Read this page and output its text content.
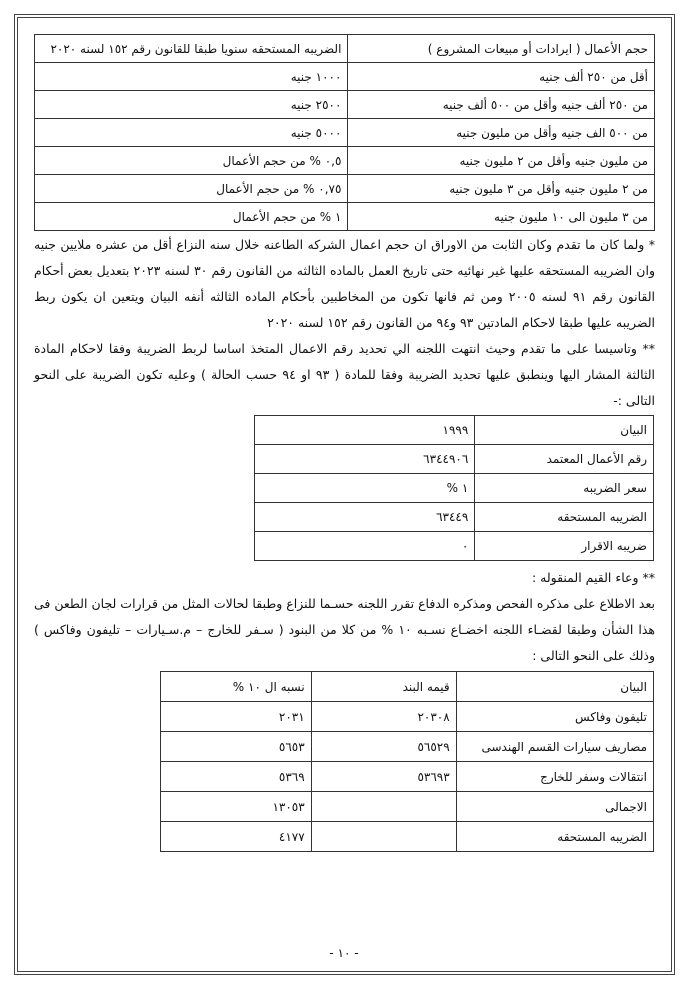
حجم الأعمال ( ايرادات أو مبيعات المشروع )	الضريبه المستحقه سنويا طبقا للقانون رقم ١٥٢ لسنه ٢٠٢٠
أقل من ٢٥٠ ألف جنيه	١٠٠٠ جنيه
من ٢٥٠ ألف جنيه وأقل من ٥٠٠ ألف جنيه	٢٥٠٠ جنيه
من ٥٠٠ الف جنيه وأقل من مليون جنيه	٥٠٠٠ جنيه
من مليون جنيه وأقل من ٢ مليون جنيه	٠,٥ % من حجم الأعمال
من ٢ مليون جنيه وأقل من ٣ مليون جنيه	٠,٧٥ % من حجم الأعمال
من ٣ مليون الى ١٠ مليون جنيه	١ % من حجم الأعمال

* ولما كان ما تقدم وكان الثابت من الاوراق ان حجم اعمال الشركه الطاعنه خلال سنه النزاع أقل من عشره ملايين جنيه وان الضريبه المستحقه عليها غير نهائيه حتى تاريخ العمل بالماده الثالثه من القانون رقم ٣٠ لسنه ٢٠٢٣ بتعديل بعض أحكام القانون رقم ٩١ لسنه ٢٠٠٥ ومن ثم فانها تكون من المخاطبين بأحكام الماده الثالثه أنفه البيان ويتعين ان يكون ربط الضريبه عليها طبقا لاحكام المادتين ٩٣ و٩٤ من القانون رقم ١٥٢ لسنه ٢٠٢٠

** وتاسيسا على ما تقدم وحيث انتهت اللجنه الي تحديد رقم الاعمال المتخذ اساسا لربط الضريبة وفقا لاحكام المادة الثالثة المشار اليها وينطبق عليها تحديد الضريبة وفقا للمادة ( ٩٣ او ٩٤ حسب الحالة ) وعليه تكون الضريبة على النحو التالى :-

البيان	١٩٩٩
رقم الأعمال المعتمد	٦٣٤٤٩٠٦
سعر الضريبه	١ %
الضريبه المستحقه	٦٣٤٤٩
ضريبه الاقرار	٠
** وعاء القيم المنقوله :

بعد الاطلاع على مذكره الفحص ومذكره الدفاع تقرر اللجنه حسـما للنزاع وطبقا لحالات المثل من قرارات لجان الطعن فى هذا الشأن وطبقا لقضـاء اللجنه اخضـاع نسـبه ١٠ % من كلا من البنود ( سـفر للخارج – م.سـيارات – تليفون وفاكس ) وذلك على النحو التالى :

البيان	قيمه البند	نسبه ال ١٠ %
تليفون وفاكس	٢٠٣٠٨	٢٠٣١
مصاريف سيارات القسم الهندسى	٥٦٥٢٩	٥٦٥٣
انتقالات وسفر للخارج	٥٣٦٩٣	٥٣٦٩
الاجمالى		١٣٠٥٣
الضريبه المستحقه		٤١٧٧
- ١٠ -
